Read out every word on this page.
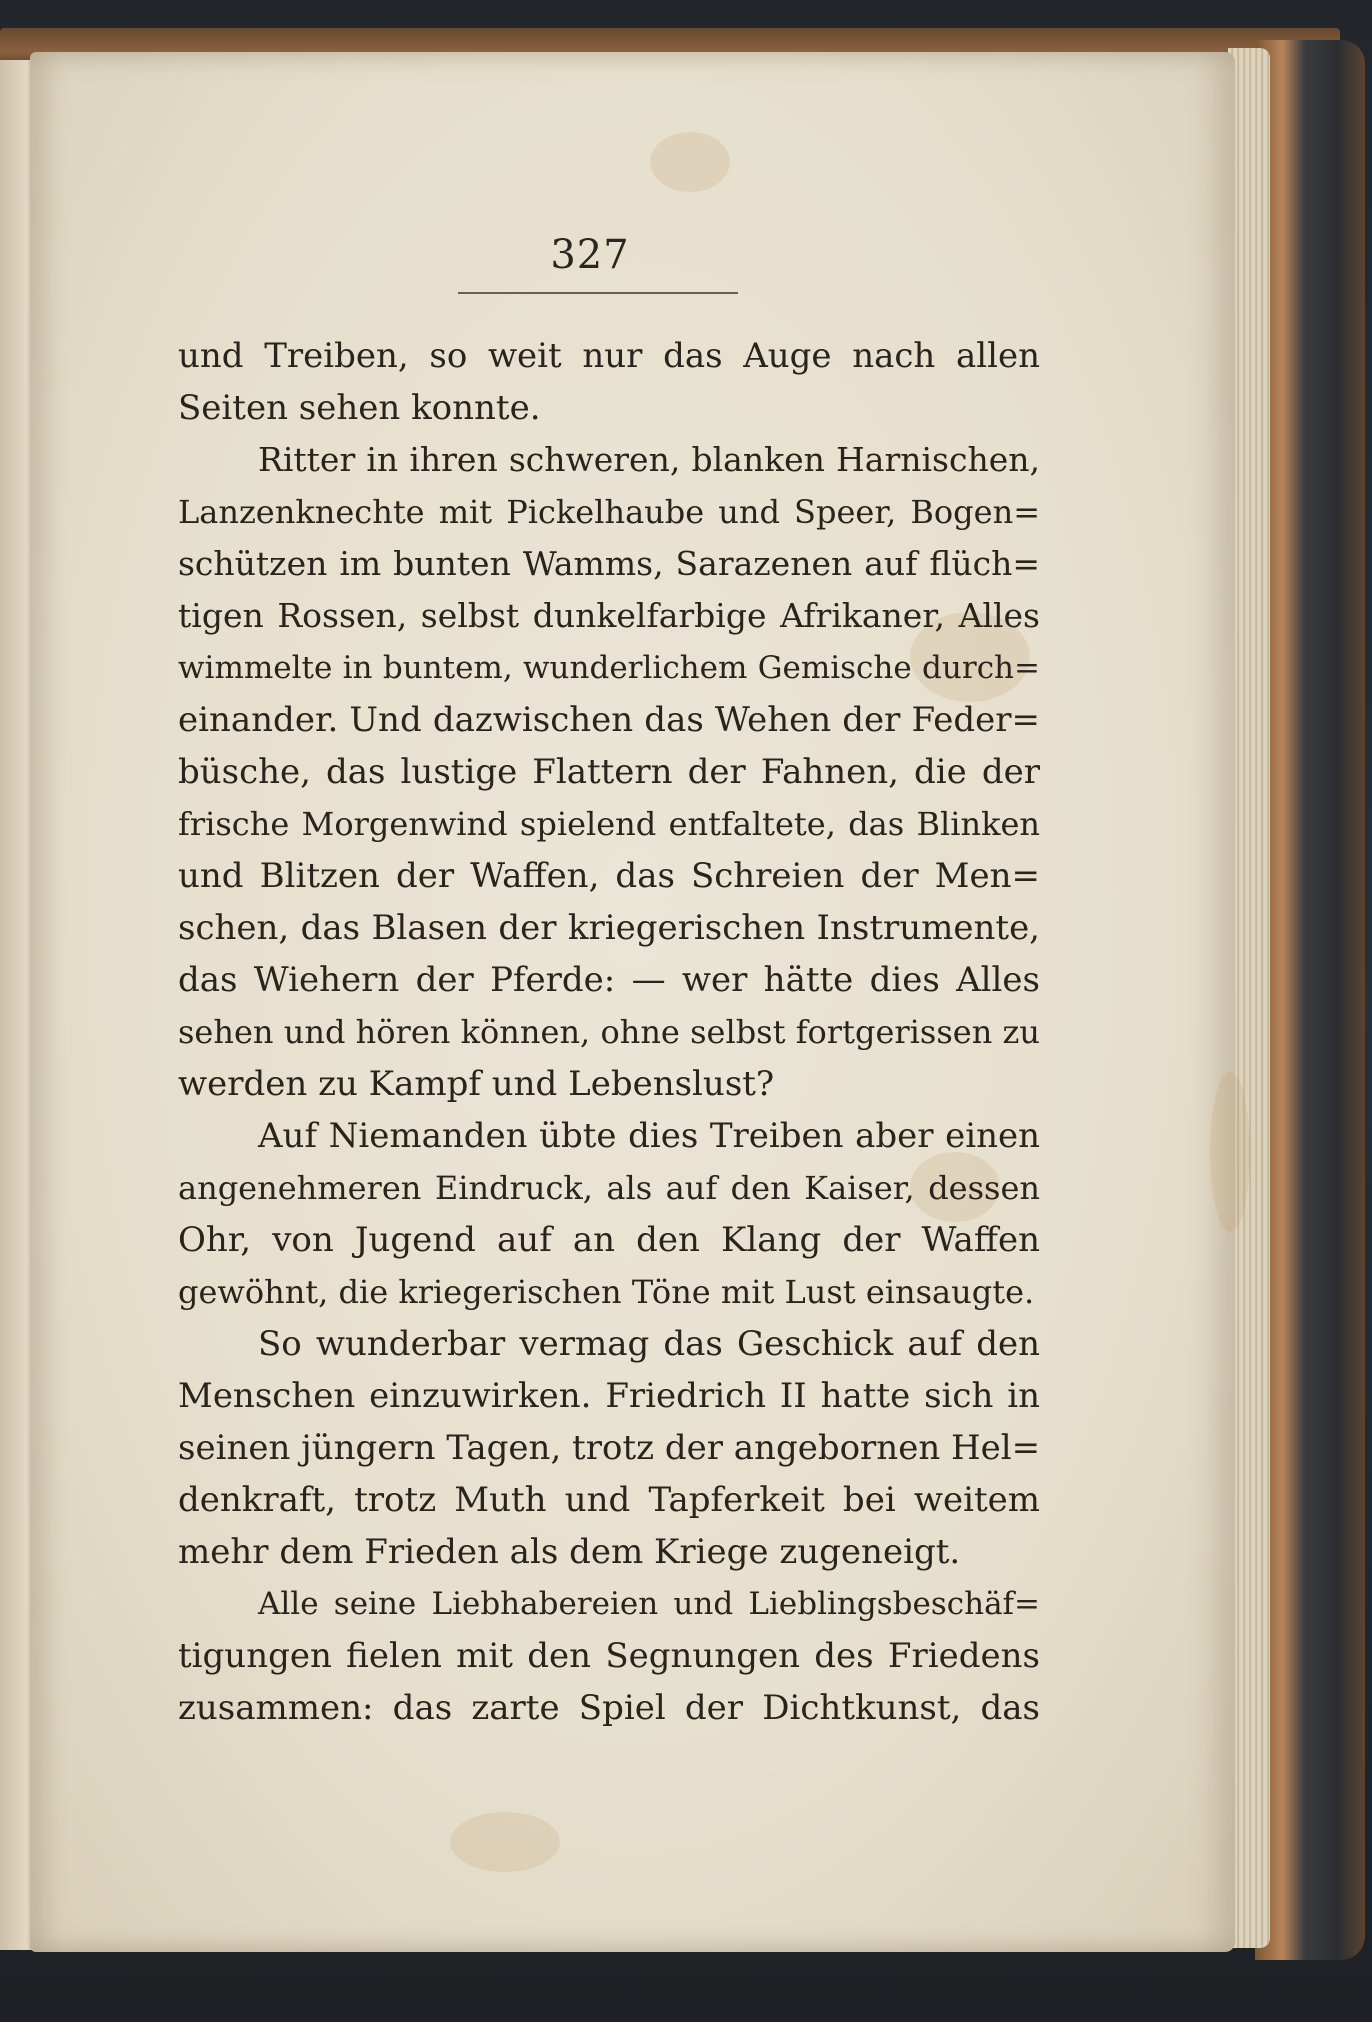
327
und Treiben, so weit nur das Auge nach allen
Seiten sehen konnte.
Ritter in ihren schweren, blanken Harnischen,
Lanzenknechte mit Pickelhaube und Speer, Bogen=
schützen im bunten Wamms, Sarazenen auf flüch=
tigen Rossen, selbst dunkelfarbige Afrikaner, Alles
wimmelte in buntem, wunderlichem Gemische durch=
einander. Und dazwischen das Wehen der Feder=
büsche, das lustige Flattern der Fahnen, die der
frische Morgenwind spielend entfaltete, das Blinken
und Blitzen der Waffen, das Schreien der Men=
schen, das Blasen der kriegerischen Instrumente,
das Wiehern der Pferde: — wer hätte dies Alles
sehen und hören können, ohne selbst fortgerissen zu
werden zu Kampf und Lebenslust?
Auf Niemanden übte dies Treiben aber einen
angenehmeren Eindruck, als auf den Kaiser, dessen
Ohr, von Jugend auf an den Klang der Waffen
gewöhnt, die kriegerischen Töne mit Lust einsaugte.
So wunderbar vermag das Geschick auf den
Menschen einzuwirken. Friedrich II hatte sich in
seinen jüngern Tagen, trotz der angebornen Hel=
denkraft, trotz Muth und Tapferkeit bei weitem
mehr dem Frieden als dem Kriege zugeneigt.
Alle seine Liebhabereien und Lieblingsbeschäf=
tigungen fielen mit den Segnungen des Friedens
zusammen: das zarte Spiel der Dichtkunst, das
